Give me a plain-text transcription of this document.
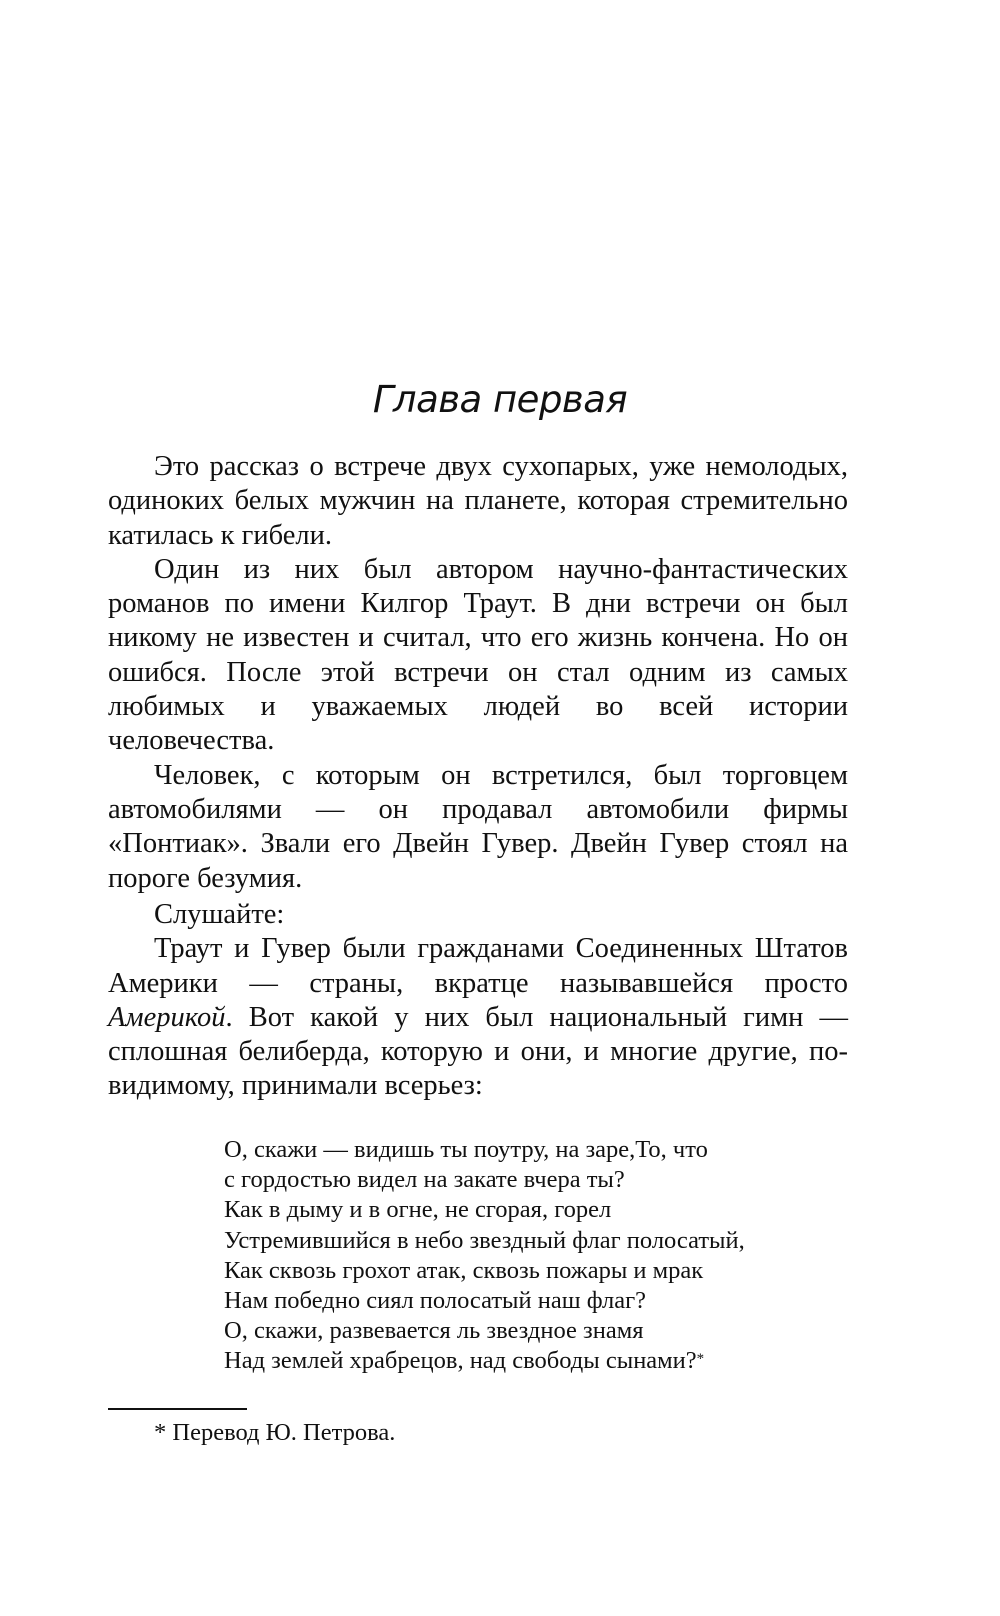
Глава первая

Это рассказ о встрече двух сухопарых, уже немолодых, одиноких белых мужчин на планете, которая стремительно катилась к гибели.

Один из них был автором научно-фантастических романов по имени Килгор Траут. В дни встречи он был никому не известен и считал, что его жизнь кончена. Но он ошибся. После этой встречи он стал одним из самых любимых и уважаемых людей во всей истории человечества.

Человек, с которым он встретился, был торговцем автомобилями — он продавал автомобили фирмы «Понтиак». Звали его Двейн Гувер. Двейн Гувер стоял на пороге безумия.

Слушайте:

Траут и Гувер были гражданами Соединенных Штатов Америки — страны, вкратце называвшейся просто Америкой. Вот какой у них был национальный гимн — сплошная белиберда, которую и они, и многие другие, по-видимому, принимали всерьез:

О, скажи — видишь ты поутру, на заре,То, что
с гордостью видел на закате вчера ты?
Как в дыму и в огне, не сгорая, горел
Устремившийся в небо звездный флаг полосатый,
Как сквозь грохот атак, сквозь пожары и мрак
Нам победно сиял полосатый наш флаг?
О, скажи, развевается ль звездное знамя
Над землей храбрецов, над свободы сынами?*
* Перевод Ю. Петрова.
